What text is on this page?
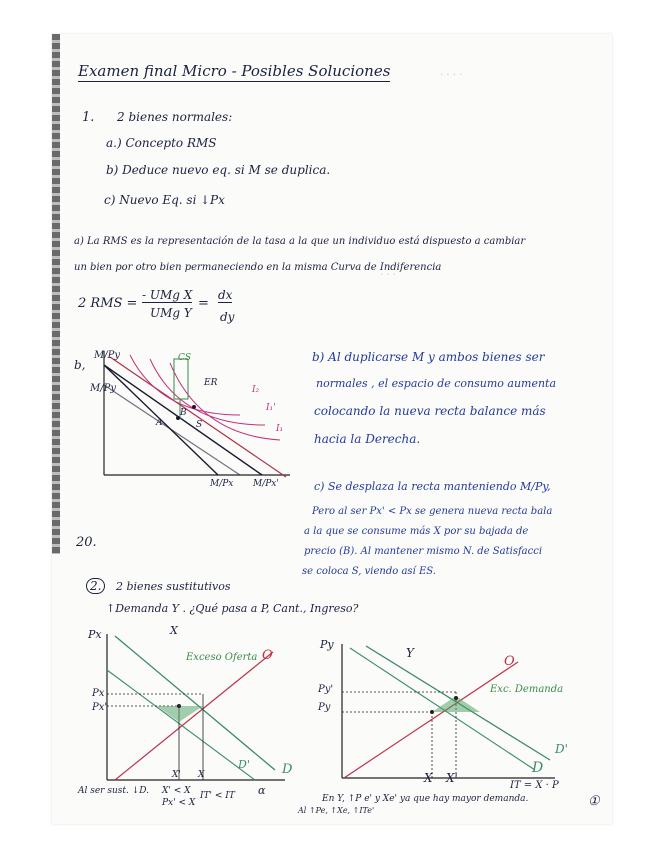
· · · ·
· · ·
Examen final Micro - Posibles Soluciones
1. 2 bienes normales:
a.) Concepto RMS
b) Deduce nuevo eq. si M se duplica.
c) Nuevo Eq. si ↓Px
a) La RMS es la representación de la tasa a la que un individuo está dispuesto a cambiar
un bien por otro bien permaneciendo en la misma Curva de Indiferencia
2 RMS =
- UMg X
UMg Y
=
dx
dy
b,
M/Py
M/Py
M/Px M/Px'
CS
ER
A
B
S
I₂
I₁'
I₁
b) Al duplicarse M y ambos bienes ser
normales , el espacio de consumo aumenta
colocando la nueva recta balance más
hacia la Derecha.
c) Se desplaza la recta manteniendo M/Py,
Pero al ser Px' < Px se genera nueva recta bala
a la que se consume más X por su bajada de
precio (B). Al mantener mismo N. de Satisfacci
se coloca S, viendo así ES.
20.
2.	2 bienes sustitutivos
↑Demanda Y . ¿Qué pasa a P, Cant., Ingreso?
Px	X
O
Exceso Oferta
Px
Px'
D' D
X' X
α
Al ser sust. ↓D. X' < X
Px' < X
IT' < IT
Py
Y
O
Py'
Py
Exc. Demanda
D'
D
X X'
IT = X · P
En Y, ↑P e' y Xe' ya que hay mayor demanda.
Al ↑Pe, ↑Xe, ↑ITe'
①
